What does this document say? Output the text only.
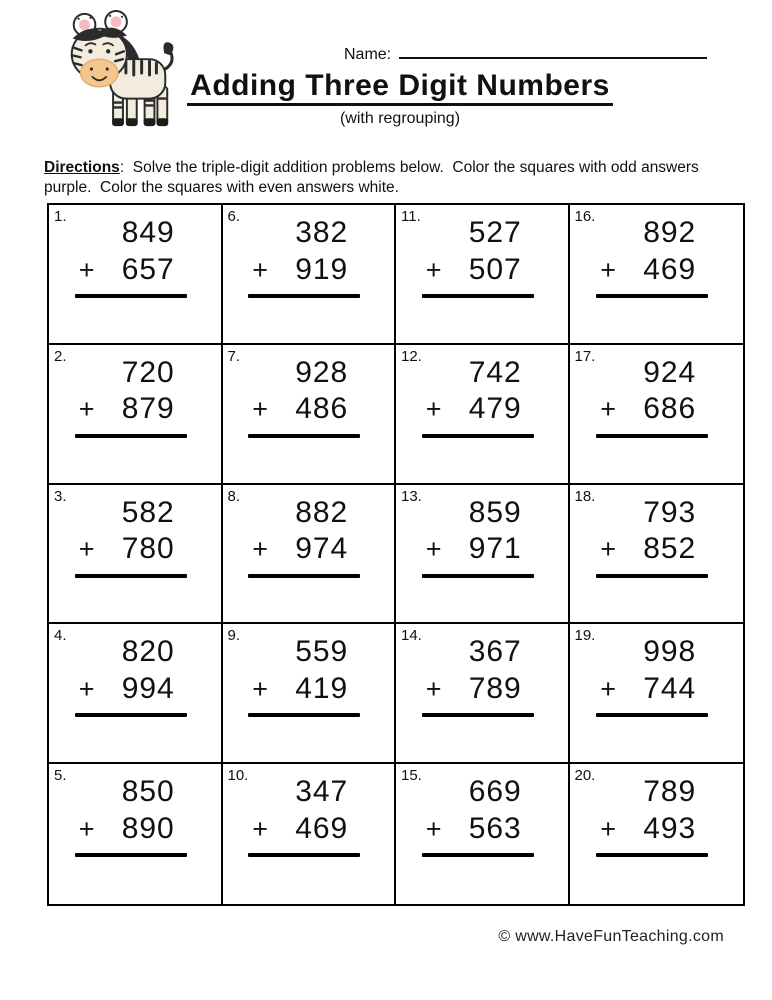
Name:
Adding Three Digit Numbers
(with regrouping)

Directions:  Solve the triple-digit addition problems below.  Color the squares with odd answers purple.  Color the squares with even answers white.

1.	849
+ 657
6.	382
+ 919
11.	527
+ 507
16.	892
+ 469
2.	720
+ 879
7.	928
+ 486
12.	742
+ 479
17.	924
+ 686
3.	582
+ 780
8.	882
+ 974
13.	859
+ 971
18.	793
+ 852
4.	820
+ 994
9.	559
+ 419
14.	367
+ 789
19.	998
+ 744
5.	850
+ 890
10.	347
+ 469
15.	669
+ 563
20.	789
+ 493
© www.HaveFunTeaching.com
